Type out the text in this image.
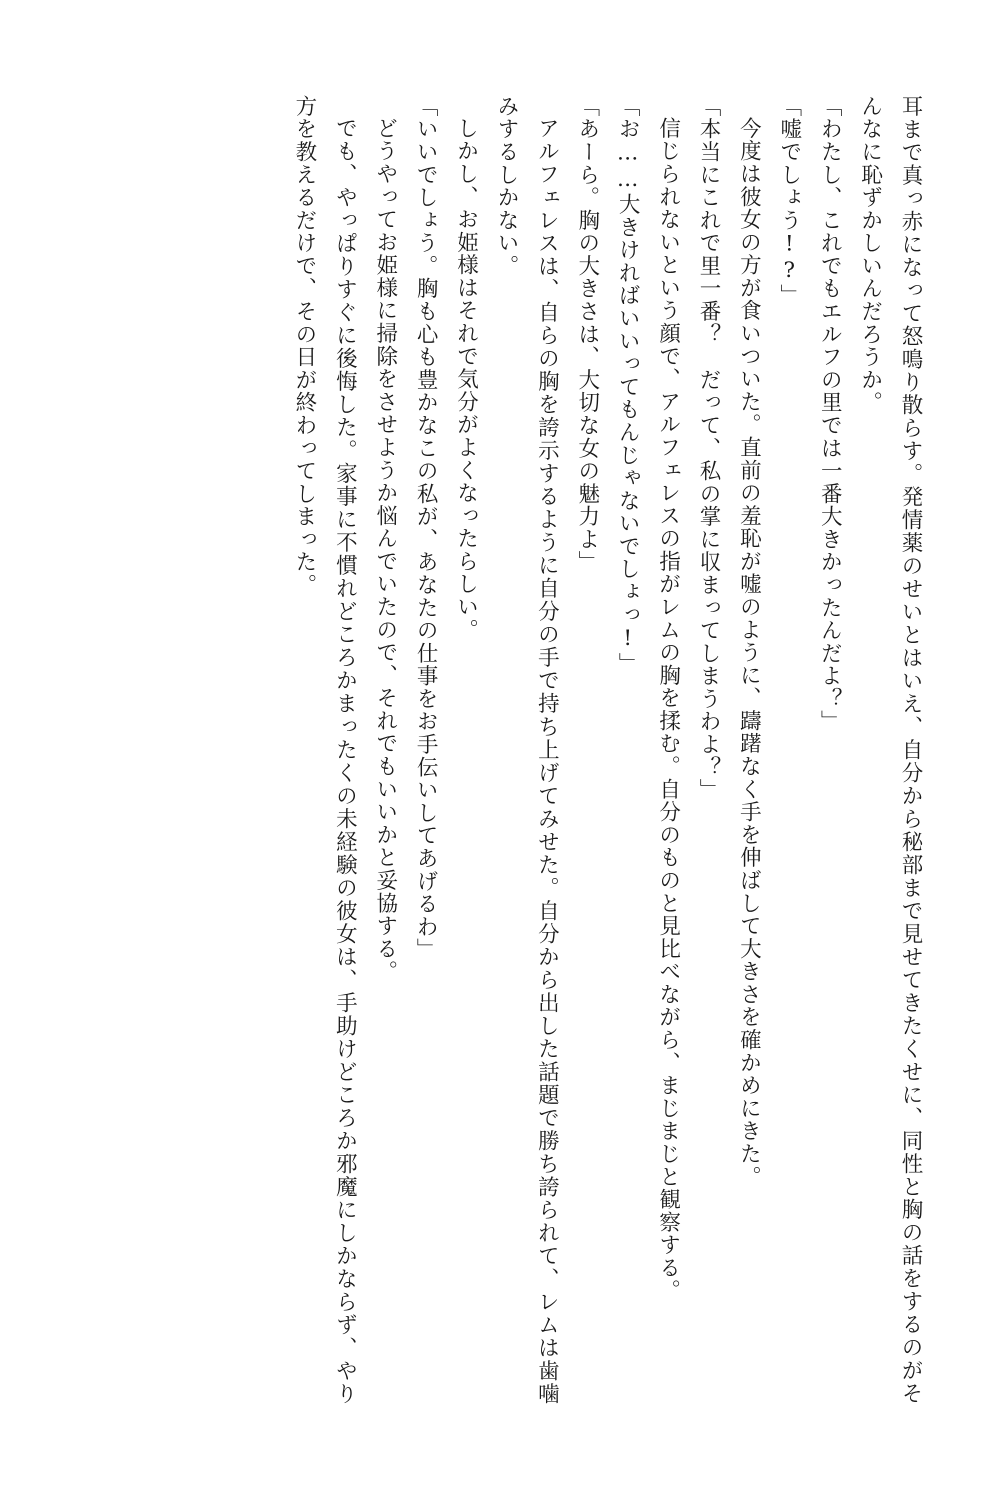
耳まで真っ赤になって怒鳴り散らす。発情薬のせいとはいえ、自分から秘部まで見せてきたくせに、同性と胸の話をするのがそんなに恥ずかしいんだろうか。

「わたし、これでもエルフの里では一番大きかったんだよ？」

「嘘でしょう!?」

今度は彼女の方が食いついた。直前の羞恥が嘘のように、躊躇なく手を伸ばして大きさを確かめにきた。

「本当にこれで里一番？　だって、私の掌に収まってしまうわよ？」

信じられないという顔で、アルフェレスの指がレムの胸を揉む。自分のものと見比べながら、まじまじと観察する。

「お……大きければいいってもんじゃないでしょっ!」

「あーら。胸の大きさは、大切な女の魅力よ」

アルフェレスは、自らの胸を誇示するように自分の手で持ち上げてみせた。自分から出した話題で勝ち誇られて、レムは歯噛みするしかない。

しかし、お姫様はそれで気分がよくなったらしい。

「いいでしょう。胸も心も豊かなこの私が、あなたの仕事をお手伝いしてあげるわ」

どうやってお姫様に掃除をさせようか悩んでいたので、それでもいいかと妥協する。

でも、やっぱりすぐに後悔した。家事に不慣れどころかまったくの未経験の彼女は、手助けどころか邪魔にしかならず、やり方を教えるだけで、その日が終わってしまった。
